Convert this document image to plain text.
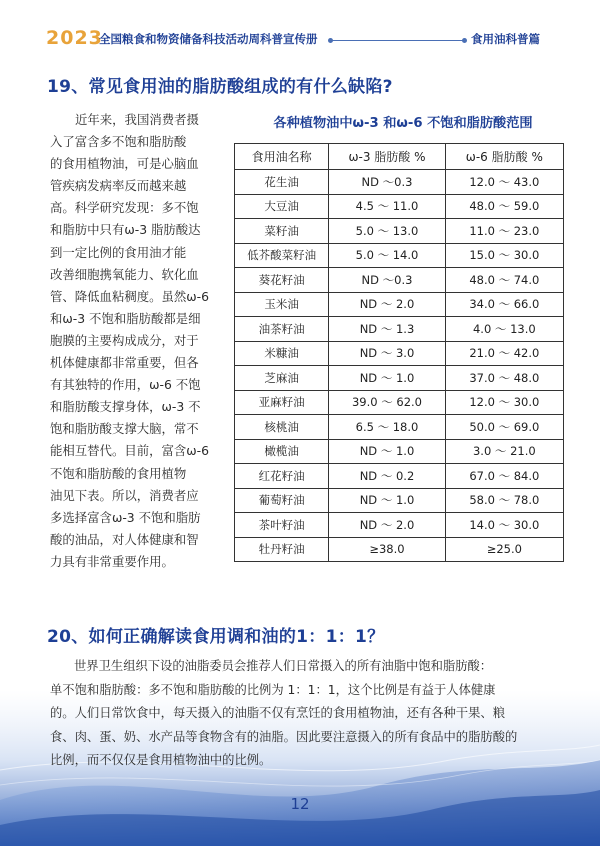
2023
全国粮食和物资储备科技活动周科普宣传册	食用油科普篇
19、常见食用油的脂肪酸组成的有什么缺陷?
近年来，我国消费者摄
入了富含多不饱和脂肪酸
的食用植物油，可是心脑血
管疾病发病率反而越来越
高。科学研究发现：多不饱
和脂肪中只有ω-3 脂肪酸达
到一定比例的食用油才能
改善细胞携氧能力、软化血
管、降低血粘稠度。虽然ω-6
和ω-3 不饱和脂肪酸都是细
胞膜的主要构成成分，对于
机体健康都非常重要，但各
有其独特的作用，ω-6 不饱
和脂肪酸支撑身体，ω-3 不
饱和脂肪酸支撑大脑，常不
能相互替代。目前，富含ω-6
不饱和脂肪酸的食用植物
油见下表。所以，消费者应
多选择富含ω-3 不饱和脂肪
酸的油品，对人体健康和智
力具有非常重要作用。
各种植物油中ω-3 和ω-6 不饱和脂肪酸范围
食用油名称	ω-3 脂肪酸 %	ω-6 脂肪酸 %
花生油	ND ～0.3	12.0 ～ 43.0
大豆油	4.5 ～ 11.0	48.0 ～ 59.0
菜籽油	5.0 ～ 13.0	11.0 ～ 23.0
低芥酸菜籽油	5.0 ～ 14.0	15.0 ～ 30.0
葵花籽油	ND ～0.3	48.0 ～ 74.0
玉米油	ND ～ 2.0	34.0 ～ 66.0
油茶籽油	ND ～ 1.3	4.0 ～ 13.0
米糠油	ND ～ 3.0	21.0 ～ 42.0
芝麻油	ND ～ 1.0	37.0 ～ 48.0
亚麻籽油	39.0 ～ 62.0	12.0 ～ 30.0
核桃油	6.5 ～ 18.0	50.0 ～ 69.0
橄榄油	ND ～ 1.0	3.0 ～ 21.0
红花籽油	ND ～ 0.2	67.0 ～ 84.0
葡萄籽油	ND ～ 1.0	58.0 ～ 78.0
茶叶籽油	ND ～ 2.0	14.0 ～ 30.0
牡丹籽油	≥38.0	≥25.0
20、如何正确解读食用调和油的1：1：1？
世界卫生组织下设的油脂委员会推荐人们日常摄入的所有油脂中饱和脂肪酸：
单不饱和脂肪酸：多不饱和脂肪酸的比例为 1：1：1，这个比例是有益于人体健康
的。人们日常饮食中，每天摄入的油脂不仅有烹饪的食用植物油，还有各种干果、粮
食、肉、蛋、奶、水产品等食物含有的油脂。因此要注意摄入的所有食品中的脂肪酸的
比例，而不仅仅是食用植物油中的比例。
12
